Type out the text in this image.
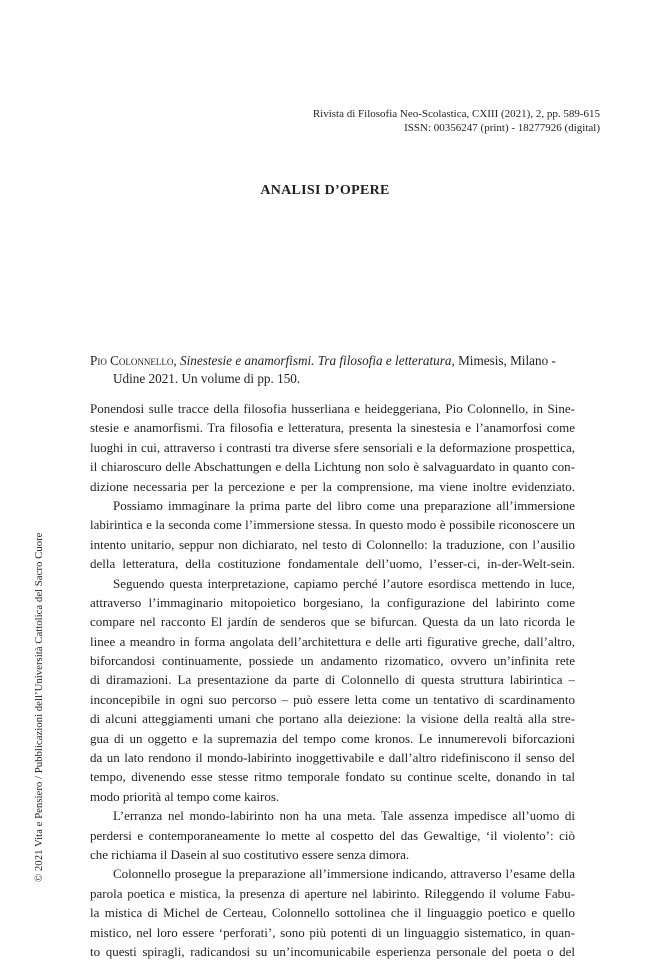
Rivista di Filosofia Neo-Scolastica, CXIII (2021), 2, pp. 589-615
ISSN: 00356247 (print) - 18277926 (digital)
ANALISI D’OPERE
Pio Colonnello, Sinestesie e anamorfismi. Tra filosofia e letteratura, Mimesis, Milano -
Udine 2021. Un volume di pp. 150.
Ponendosi sulle tracce della filosofia husserliana e heideggeriana, Pio Colonnello, in Sine-
stesie e anamorfismi. Tra filosofia e letteratura, presenta la sinestesia e l’anamorfosi come
luoghi in cui, attraverso i contrasti tra diverse sfere sensoriali e la deformazione prospettica,
il chiaroscuro delle Abschattungen e della Lichtung non solo è salvaguardato in quanto con-
dizione necessaria per la percezione e per la comprensione, ma viene inoltre evidenziato.
Possiamo immaginare la prima parte del libro come una preparazione all’immersione
labirintica e la seconda come l’immersione stessa. In questo modo è possibile riconoscere un
intento unitario, seppur non dichiarato, nel testo di Colonnello: la traduzione, con l’ausilio
della letteratura, della costituzione fondamentale dell’uomo, l’esser-ci, in-der-Welt-sein.
Seguendo questa interpretazione, capiamo perché l’autore esordisca mettendo in luce,
attraverso l’immaginario mitopoietico borgesiano, la configurazione del labirinto come
compare nel racconto El jardín de senderos que se bifurcan. Questa da un lato ricorda le
linee a meandro in forma angolata dell’architettura e delle arti figurative greche, dall’altro,
biforcandosi continuamente, possiede un andamento rizomatico, ovvero un’infinita rete
di diramazioni. La presentazione da parte di Colonnello di questa struttura labirintica –
inconcepibile in ogni suo percorso – può essere letta come un tentativo di scardinamento
di alcuni atteggiamenti umani che portano alla deiezione: la visione della realtà alla stre-
gua di un oggetto e la supremazia del tempo come kronos. Le innumerevoli biforcazioni
da un lato rendono il mondo-labirinto inoggettivabile e dall’altro ridefiniscono il senso del
tempo, divenendo esse stesse ritmo temporale fondato su continue scelte, donando in tal
modo priorità al tempo come kairos.
L’erranza nel mondo-labirinto non ha una meta. Tale assenza impedisce all’uomo di
perdersi e contemporaneamente lo mette al cospetto del das Gewaltige, ‘il violento’: ciò
che richiama il Dasein al suo costitutivo essere senza dimora.
Colonnello prosegue la preparazione all’immersione indicando, attraverso l’esame della
parola poetica e mistica, la presenza di aperture nel labirinto. Rileggendo il volume Fabu-
la mistica di Michel de Certeau, Colonnello sottolinea che il linguaggio poetico e quello
mistico, nel loro essere ‘perforati’, sono più potenti di un linguaggio sistematico, in quan-
to questi spiragli, radicandosi su un’incomunicabile esperienza personale del poeta o del
© 2021 Vita e Pensiero / Pubblicazioni dell’Università Cattolica del Sacro Cuore
